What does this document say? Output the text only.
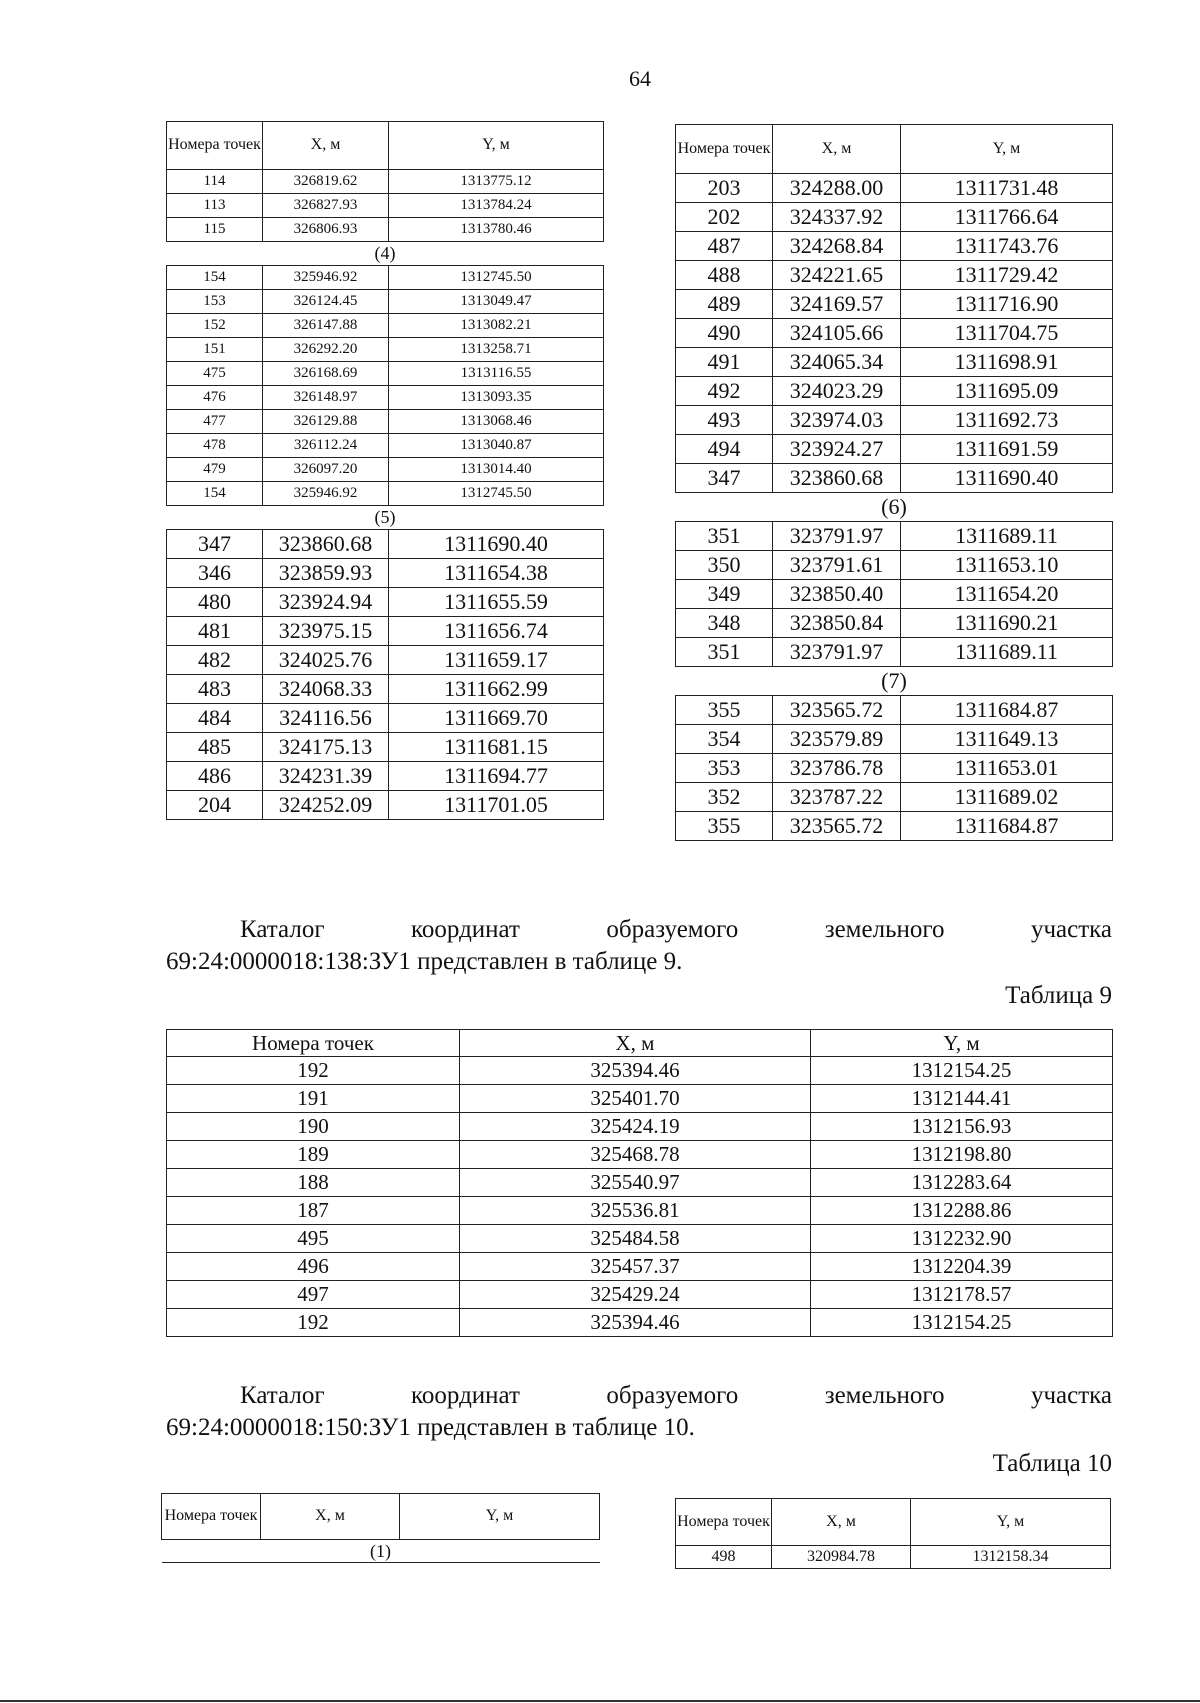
64
Номера точек	X, м	Y, м
114	326819.62	1313775.12
113	326827.93	1313784.24
115	326806.93	1313780.46
(4)		
154	325946.92	1312745.50
153	326124.45	1313049.47
152	326147.88	1313082.21
151	326292.20	1313258.71
475	326168.69	1313116.55
476	326148.97	1313093.35
477	326129.88	1313068.46
478	326112.24	1313040.87
479	326097.20	1313014.40
154	325946.92	1312745.50
(5)		
347	323860.68	1311690.40
346	323859.93	1311654.38
480	323924.94	1311655.59
481	323975.15	1311656.74
482	324025.76	1311659.17
483	324068.33	1311662.99
484	324116.56	1311669.70
485	324175.13	1311681.15
486	324231.39	1311694.77
204	324252.09	1311701.05
Номера точек	X, м	Y, м
203	324288.00	1311731.48
202	324337.92	1311766.64
487	324268.84	1311743.76
488	324221.65	1311729.42
489	324169.57	1311716.90
490	324105.66	1311704.75
491	324065.34	1311698.91
492	324023.29	1311695.09
493	323974.03	1311692.73
494	323924.27	1311691.59
347	323860.68	1311690.40
(6)		
351	323791.97	1311689.11
350	323791.61	1311653.10
349	323850.40	1311654.20
348	323850.84	1311690.21
351	323791.97	1311689.11
(7)		
355	323565.72	1311684.87
354	323579.89	1311649.13
353	323786.78	1311653.01
352	323787.22	1311689.02
355	323565.72	1311684.87
Каталог координат образуемого земельного участка
69:24:0000018:138:ЗУ1 представлен в таблице 9.
Таблица 9
Номера точек	X, м	Y, м
192	325394.46	1312154.25
191	325401.70	1312144.41
190	325424.19	1312156.93
189	325468.78	1312198.80
188	325540.97	1312283.64
187	325536.81	1312288.86
495	325484.58	1312232.90
496	325457.37	1312204.39
497	325429.24	1312178.57
192	325394.46	1312154.25
Каталог координат образуемого земельного участка
69:24:0000018:150:ЗУ1 представлен в таблице 10.
Таблица 10
Номера точек	X, м	Y, м
(1)
Номера точек	X, м	Y, м
498	320984.78	1312158.34
